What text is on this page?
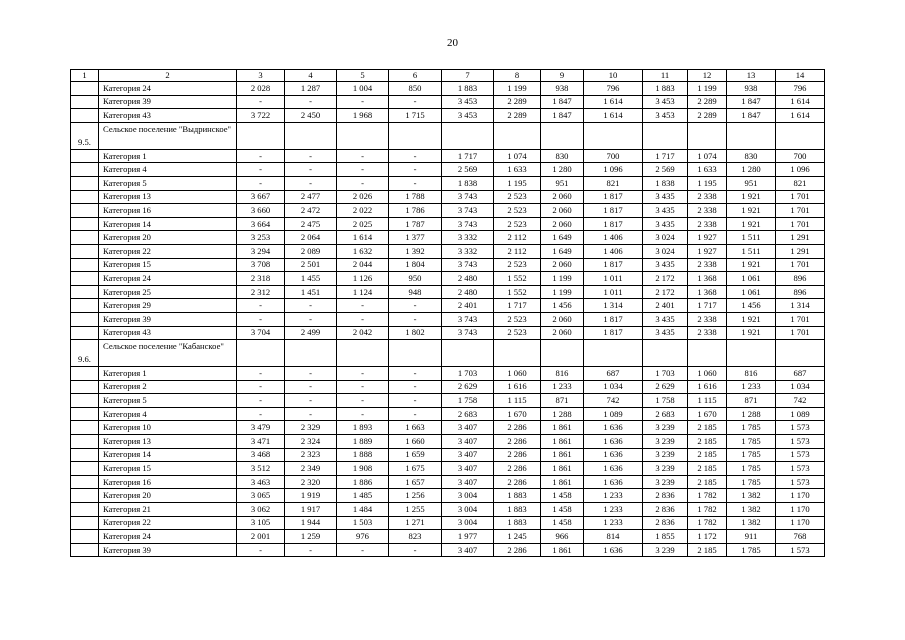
20
1	2	3	4	5	6	7	8	9	10	11	12	13	14
	Категория 24	2 028	1 287	1 004	850	1 883	1 199	938	796	1 883	1 199	938	796
	Категория 39	-	-	-	-	3 453	2 289	1 847	1 614	3 453	2 289	1 847	1 614
	Категория 43	3 722	2 450	1 968	1 715	3 453	2 289	1 847	1 614	3 453	2 289	1 847	1 614
9.5.	Сельское поселение "Выдринское"												
	Категория 1	-	-	-	-	1 717	1 074	830	700	1 717	1 074	830	700
	Категория 4	-	-	-	-	2 569	1 633	1 280	1 096	2 569	1 633	1 280	1 096
	Категория 5	-	-	-	-	1 838	1 195	951	821	1 838	1 195	951	821
	Категория 13	3 667	2 477	2 026	1 788	3 743	2 523	2 060	1 817	3 435	2 338	1 921	1 701
	Категория 16	3 660	2 472	2 022	1 786	3 743	2 523	2 060	1 817	3 435	2 338	1 921	1 701
	Категория 14	3 664	2 475	2 025	1 787	3 743	2 523	2 060	1 817	3 435	2 338	1 921	1 701
	Категория 20	3 253	2 064	1 614	1 377	3 332	2 112	1 649	1 406	3 024	1 927	1 511	1 291
	Категория 22	3 294	2 089	1 632	1 392	3 332	2 112	1 649	1 406	3 024	1 927	1 511	1 291
	Категория 15	3 708	2 501	2 044	1 804	3 743	2 523	2 060	1 817	3 435	2 338	1 921	1 701
	Категория 24	2 318	1 455	1 126	950	2 480	1 552	1 199	1 011	2 172	1 368	1 061	896
	Категория 25	2 312	1 451	1 124	948	2 480	1 552	1 199	1 011	2 172	1 368	1 061	896
	Категория 29	-	-	-	-	2 401	1 717	1 456	1 314	2 401	1 717	1 456	1 314
	Категория 39	-	-	-	-	3 743	2 523	2 060	1 817	3 435	2 338	1 921	1 701
	Категория 43	3 704	2 499	2 042	1 802	3 743	2 523	2 060	1 817	3 435	2 338	1 921	1 701
9.6.	Сельское поселение "Кабанское"												
	Категория 1	-	-	-	-	1 703	1 060	816	687	1 703	1 060	816	687
	Категория 2	-	-	-	-	2 629	1 616	1 233	1 034	2 629	1 616	1 233	1 034
	Категория 5	-	-	-	-	1 758	1 115	871	742	1 758	1 115	871	742
	Категория 4	-	-	-	-	2 683	1 670	1 288	1 089	2 683	1 670	1 288	1 089
	Категория 10	3 479	2 329	1 893	1 663	3 407	2 286	1 861	1 636	3 239	2 185	1 785	1 573
	Категория 13	3 471	2 324	1 889	1 660	3 407	2 286	1 861	1 636	3 239	2 185	1 785	1 573
	Категория 14	3 468	2 323	1 888	1 659	3 407	2 286	1 861	1 636	3 239	2 185	1 785	1 573
	Категория 15	3 512	2 349	1 908	1 675	3 407	2 286	1 861	1 636	3 239	2 185	1 785	1 573
	Категория 16	3 463	2 320	1 886	1 657	3 407	2 286	1 861	1 636	3 239	2 185	1 785	1 573
	Категория 20	3 065	1 919	1 485	1 256	3 004	1 883	1 458	1 233	2 836	1 782	1 382	1 170
	Категория 21	3 062	1 917	1 484	1 255	3 004	1 883	1 458	1 233	2 836	1 782	1 382	1 170
	Категория 22	3 105	1 944	1 503	1 271	3 004	1 883	1 458	1 233	2 836	1 782	1 382	1 170
	Категория 24	2 001	1 259	976	823	1 977	1 245	966	814	1 855	1 172	911	768
	Категория 39	-	-	-	-	3 407	2 286	1 861	1 636	3 239	2 185	1 785	1 573
